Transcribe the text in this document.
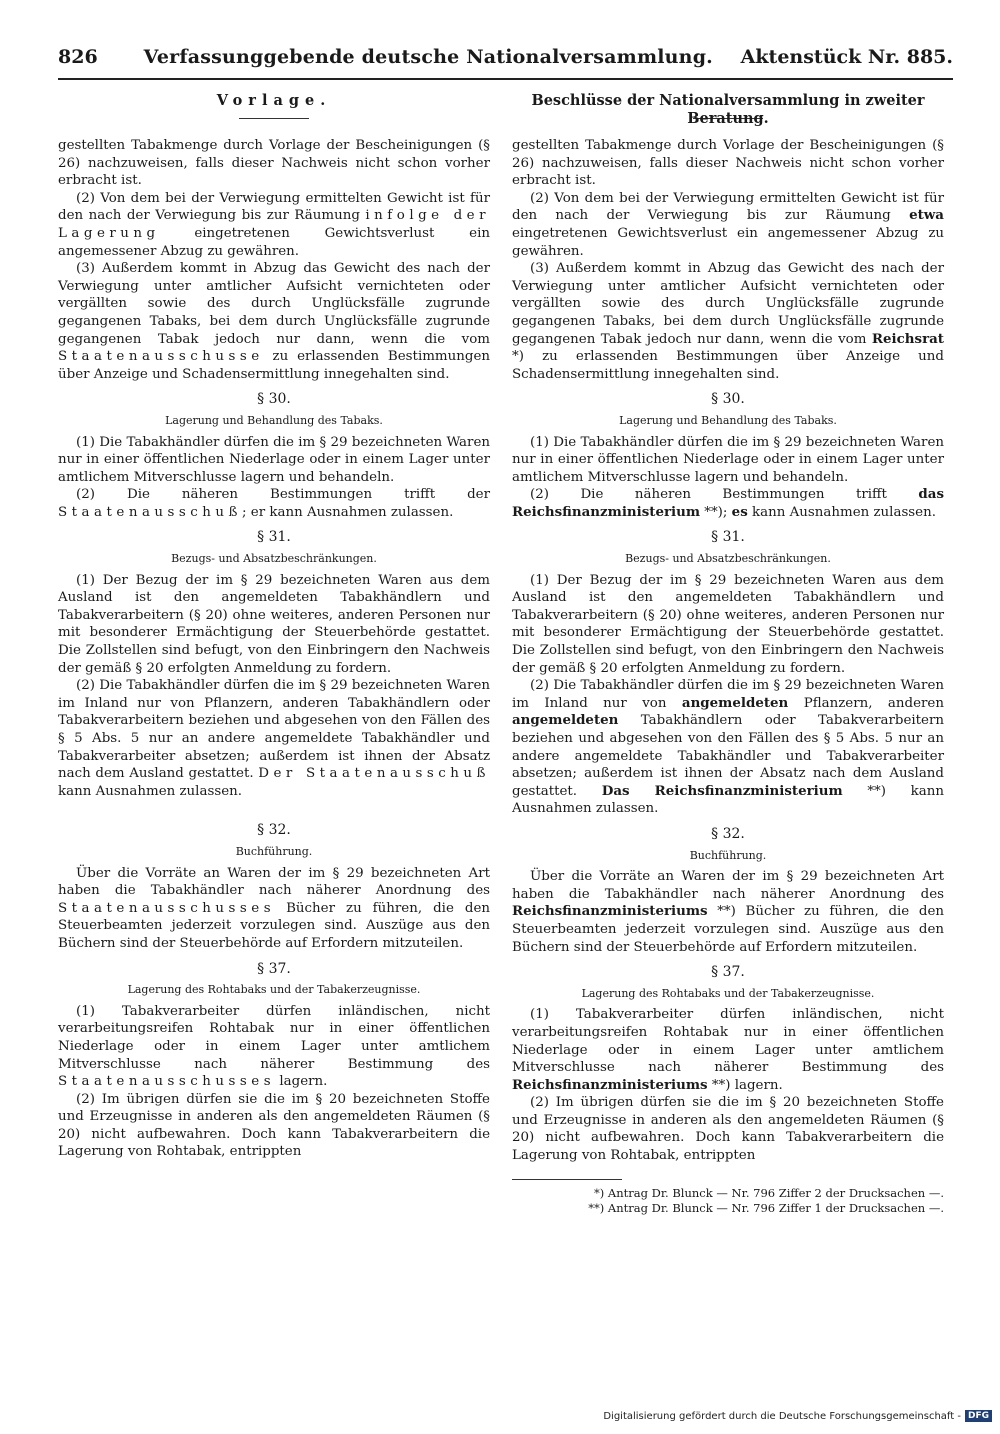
826	Verfassunggebende deutsche Nationalversammlung.	Aktenstück Nr. 885.
Vorlage.

gestellten Tabakmenge durch Vorlage der Bescheinigungen (§ 26) nachzuweisen, falls dieser Nachweis nicht schon vorher erbracht ist.

(2) Von dem bei der Verwiegung ermittelten Gewicht ist für den nach der Verwiegung bis zur Räumung infolge der Lagerung eingetretenen Gewichtsverlust ein angemessener Abzug zu gewähren.

(3) Außerdem kommt in Abzug das Gewicht des nach der Verwiegung unter amtlicher Aufsicht vernichteten oder vergällten sowie des durch Unglücksfälle zugrunde gegangenen Tabaks, bei dem durch Unglücksfälle zugrunde gegangenen Tabak jedoch nur dann, wenn die vom Staatenausschusse zu erlassenden Bestimmungen über Anzeige und Schadensermittlung innegehalten sind.

§ 30.
Lagerung und Behandlung des Tabaks.

(1) Die Tabakhändler dürfen die im § 29 bezeichneten Waren nur in einer öffentlichen Niederlage oder in einem Lager unter amtlichem Mitverschlusse lagern und behandeln.

(2) Die näheren Bestimmungen trifft der Staatenausschuß; er kann Ausnahmen zulassen.

§ 31.
Bezugs- und Absatzbeschränkungen.

(1) Der Bezug der im § 29 bezeichneten Waren aus dem Ausland ist den angemeldeten Tabakhändlern und Tabakverarbeitern (§ 20) ohne weiteres, anderen Personen nur mit besonderer Ermächtigung der Steuerbehörde gestattet. Die Zollstellen sind befugt, von den Einbringern den Nachweis der gemäß § 20 erfolgten Anmeldung zu fordern.

(2) Die Tabakhändler dürfen die im § 29 bezeichneten Waren im Inland nur von Pflanzern, anderen Tabakhändlern oder Tabakverarbeitern beziehen und abgesehen von den Fällen des § 5 Abs. 5 nur an andere angemeldete Tabakhändler und Tabakverarbeiter absetzen; außerdem ist ihnen der Absatz nach dem Ausland gestattet. Der Staatenausschuß kann Ausnahmen zulassen.

§ 32.
Buchführung.

Über die Vorräte an Waren der im § 29 bezeichneten Art haben die Tabakhändler nach näherer Anordnung des Staatenausschusses Bücher zu führen, die den Steuerbeamten jederzeit vorzulegen sind. Auszüge aus den Büchern sind der Steuerbehörde auf Erfordern mitzuteilen.

§ 37.
Lagerung des Rohtabaks und der Tabakerzeugnisse.

(1) Tabakverarbeiter dürfen inländischen, nicht verarbeitungsreifen Rohtabak nur in einer öffentlichen Niederlage oder in einem Lager unter amtlichem Mitverschlusse nach näherer Bestimmung des Staatenausschusses lagern.

(2) Im übrigen dürfen sie die im § 20 bezeichneten Stoffe und Erzeugnisse in anderen als den angemeldeten Räumen (§ 20) nicht aufbewahren. Doch kann Tabakverarbeitern die Lagerung von Rohtabak, entrippten

Beschlüsse der Nationalversammlung in zweiter Beratung.

gestellten Tabakmenge durch Vorlage der Bescheinigungen (§ 26) nachzuweisen, falls dieser Nachweis nicht schon vorher erbracht ist.

(2) Von dem bei der Verwiegung ermittelten Gewicht ist für den nach der Verwiegung bis zur Räumung etwa eingetretenen Gewichtsverlust ein angemessener Abzug zu gewähren.

(3) Außerdem kommt in Abzug das Gewicht des nach der Verwiegung unter amtlicher Aufsicht vernichteten oder vergällten sowie des durch Unglücksfälle zugrunde gegangenen Tabaks, bei dem durch Unglücksfälle zugrunde gegangenen Tabak jedoch nur dann, wenn die vom Reichsrat *) zu erlassenden Bestimmungen über Anzeige und Schadensermittlung innegehalten sind.

§ 30.
Lagerung und Behandlung des Tabaks.

(1) Die Tabakhändler dürfen die im § 29 bezeichneten Waren nur in einer öffentlichen Niederlage oder in einem Lager unter amtlichem Mitverschlusse lagern und behandeln.

(2) Die näheren Bestimmungen trifft das Reichsfinanzministerium **); es kann Ausnahmen zulassen.

§ 31.
Bezugs- und Absatzbeschränkungen.

(1) Der Bezug der im § 29 bezeichneten Waren aus dem Ausland ist den angemeldeten Tabakhändlern und Tabakverarbeitern (§ 20) ohne weiteres, anderen Personen nur mit besonderer Ermächtigung der Steuerbehörde gestattet. Die Zollstellen sind befugt, von den Einbringern den Nachweis der gemäß § 20 erfolgten Anmeldung zu fordern.

(2) Die Tabakhändler dürfen die im § 29 bezeichneten Waren im Inland nur von angemeldeten Pflanzern, anderen angemeldeten Tabakhändlern oder Tabakverarbeitern beziehen und abgesehen von den Fällen des § 5 Abs. 5 nur an andere angemeldete Tabakhändler und Tabakverarbeiter absetzen; außerdem ist ihnen der Absatz nach dem Ausland gestattet. Das Reichsfinanzministerium **) kann Ausnahmen zulassen.

§ 32.
Buchführung.

Über die Vorräte an Waren der im § 29 bezeichneten Art haben die Tabakhändler nach näherer Anordnung des Reichsfinanzministeriums **) Bücher zu führen, die den Steuerbeamten jederzeit vorzulegen sind. Auszüge aus den Büchern sind der Steuerbehörde auf Erfordern mitzuteilen.

§ 37.
Lagerung des Rohtabaks und der Tabakerzeugnisse.

(1) Tabakverarbeiter dürfen inländischen, nicht verarbeitungsreifen Rohtabak nur in einer öffentlichen Niederlage oder in einem Lager unter amtlichem Mitverschlusse nach näherer Bestimmung des Reichsfinanzministeriums **) lagern.

(2) Im übrigen dürfen sie die im § 20 bezeichneten Stoffe und Erzeugnisse in anderen als den angemeldeten Räumen (§ 20) nicht aufbewahren. Doch kann Tabakverarbeitern die Lagerung von Rohtabak, entrippten

*) Antrag Dr. Blunck — Nr. 796 Ziffer 2 der Drucksachen —.

**) Antrag Dr. Blunck — Nr. 796 Ziffer 1 der Drucksachen —.

Digitalisierung gefördert durch die Deutsche Forschungsgemeinschaft - DFG
